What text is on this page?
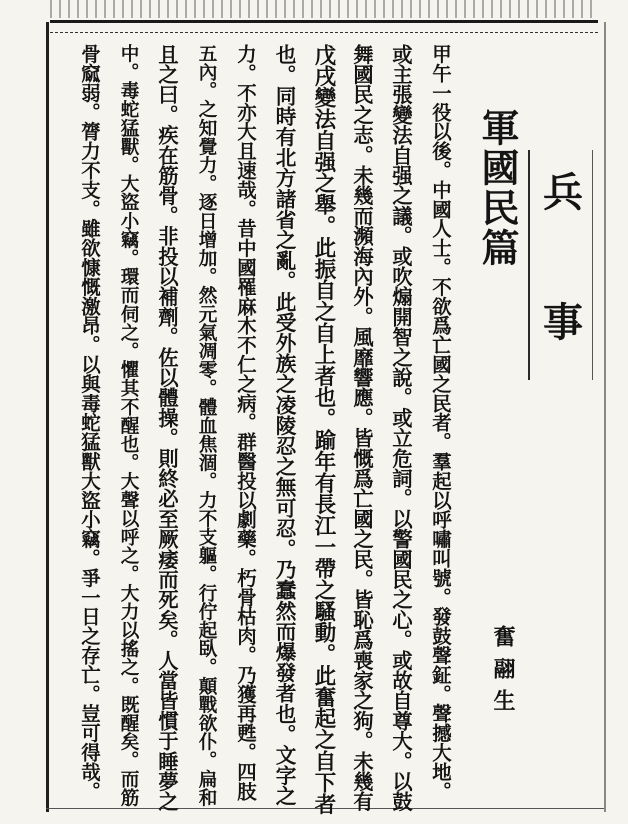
兵
事
軍國民篇
奮翮生
甲午一役以後。中國人士。不欲爲亡國之民者。羣起以呼嘯叫號。發鼓聲鉦。聲撼大地。
或主張變法自强之議。或吹煽開智之說。或立危詞。以警國民之心。或故自尊大。以鼓
舞國民之志。未幾而瀕海內外。風靡響應。皆慨爲亡國之民。皆恥爲喪家之狗。未幾有
戊戌變法自强之舉。此振自之自上者也。踰年有長江一帶之騷動。此奮起之自下者
也。同時有北方諸省之亂。此受外族之凌陵忍之無可忍。乃蠢然而爆發者也。文字之
力。不亦大且速哉。昔中國罹麻木不仁之病。群醫投以劇藥。朽骨枯肉。乃獲再甦。四肢
五內。之知覺力。逐日增加。然元氣凋零。體血焦涸。力不支軀。行佇起臥。顛戰欲仆。扁和
且之曰。疾在筋骨。非投以補劑。佐以體操。則終必至厥痿而死矣。人當皆慣于睡夢之
中。毒蛇猛獸。大盜小竊。環而伺之。懼其不醒也。大聲以呼之。大力以搖之。既醒矣。而筋
骨窳弱。膂力不支。雖欲慷慨激昂。以與毒蛇猛獸大盜小竊。爭一日之存亡。豈可得哉。
